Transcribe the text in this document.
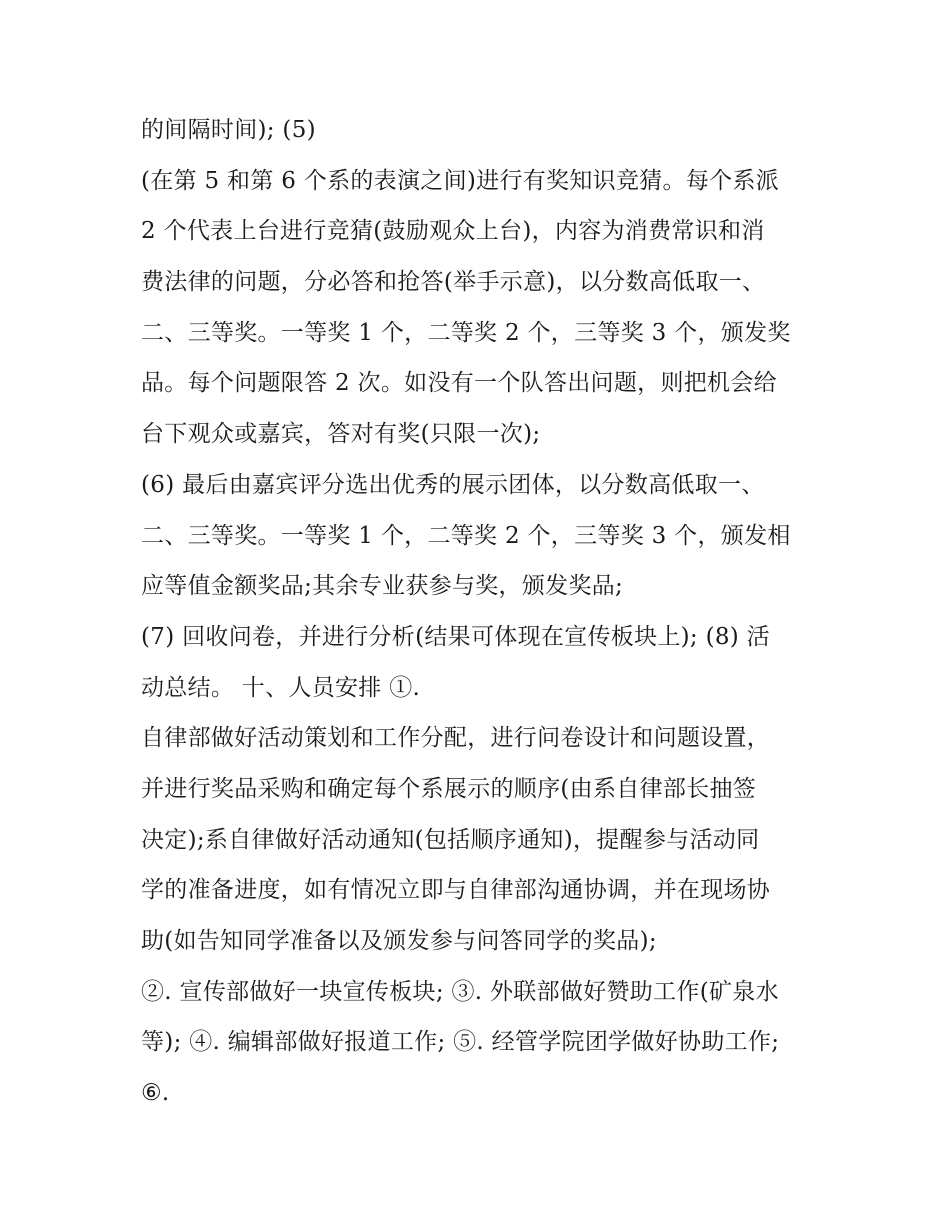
的间隔时间); (5)
(在第 5 和第 6 个系的表演之间)进行有奖知识竞猜。每个系派
2 个代表上台进行竞猜(鼓励观众上台)，内容为消费常识和消
费法律的问题，分必答和抢答(举手示意)，以分数高低取一、
二、三等奖。一等奖 1 个，二等奖 2 个，三等奖 3 个，颁发奖
品。每个问题限答 2 次。如没有一个队答出问题，则把机会给
台下观众或嘉宾，答对有奖(只限一次);
(6) 最后由嘉宾评分选出优秀的展示团体，以分数高低取一、
二、三等奖。一等奖 1 个，二等奖 2 个，三等奖 3 个，颁发相
应等值金额奖品;其余专业获参与奖，颁发奖品;
(7) 回收问卷，并进行分析(结果可体现在宣传板块上); (8) 活
动总结。 十、人员安排 ①.
自律部做好活动策划和工作分配，进行问卷设计和问题设置，
并进行奖品采购和确定每个系展示的顺序(由系自律部长抽签
决定);系自律做好活动通知(包括顺序通知)，提醒参与活动同
学的准备进度，如有情况立即与自律部沟通协调，并在现场协
助(如告知同学准备以及颁发参与问答同学的奖品);
②. 宣传部做好一块宣传板块; ③. 外联部做好赞助工作(矿泉水
等); ④. 编辑部做好报道工作; ⑤. 经管学院团学做好协助工作;
⑥.
